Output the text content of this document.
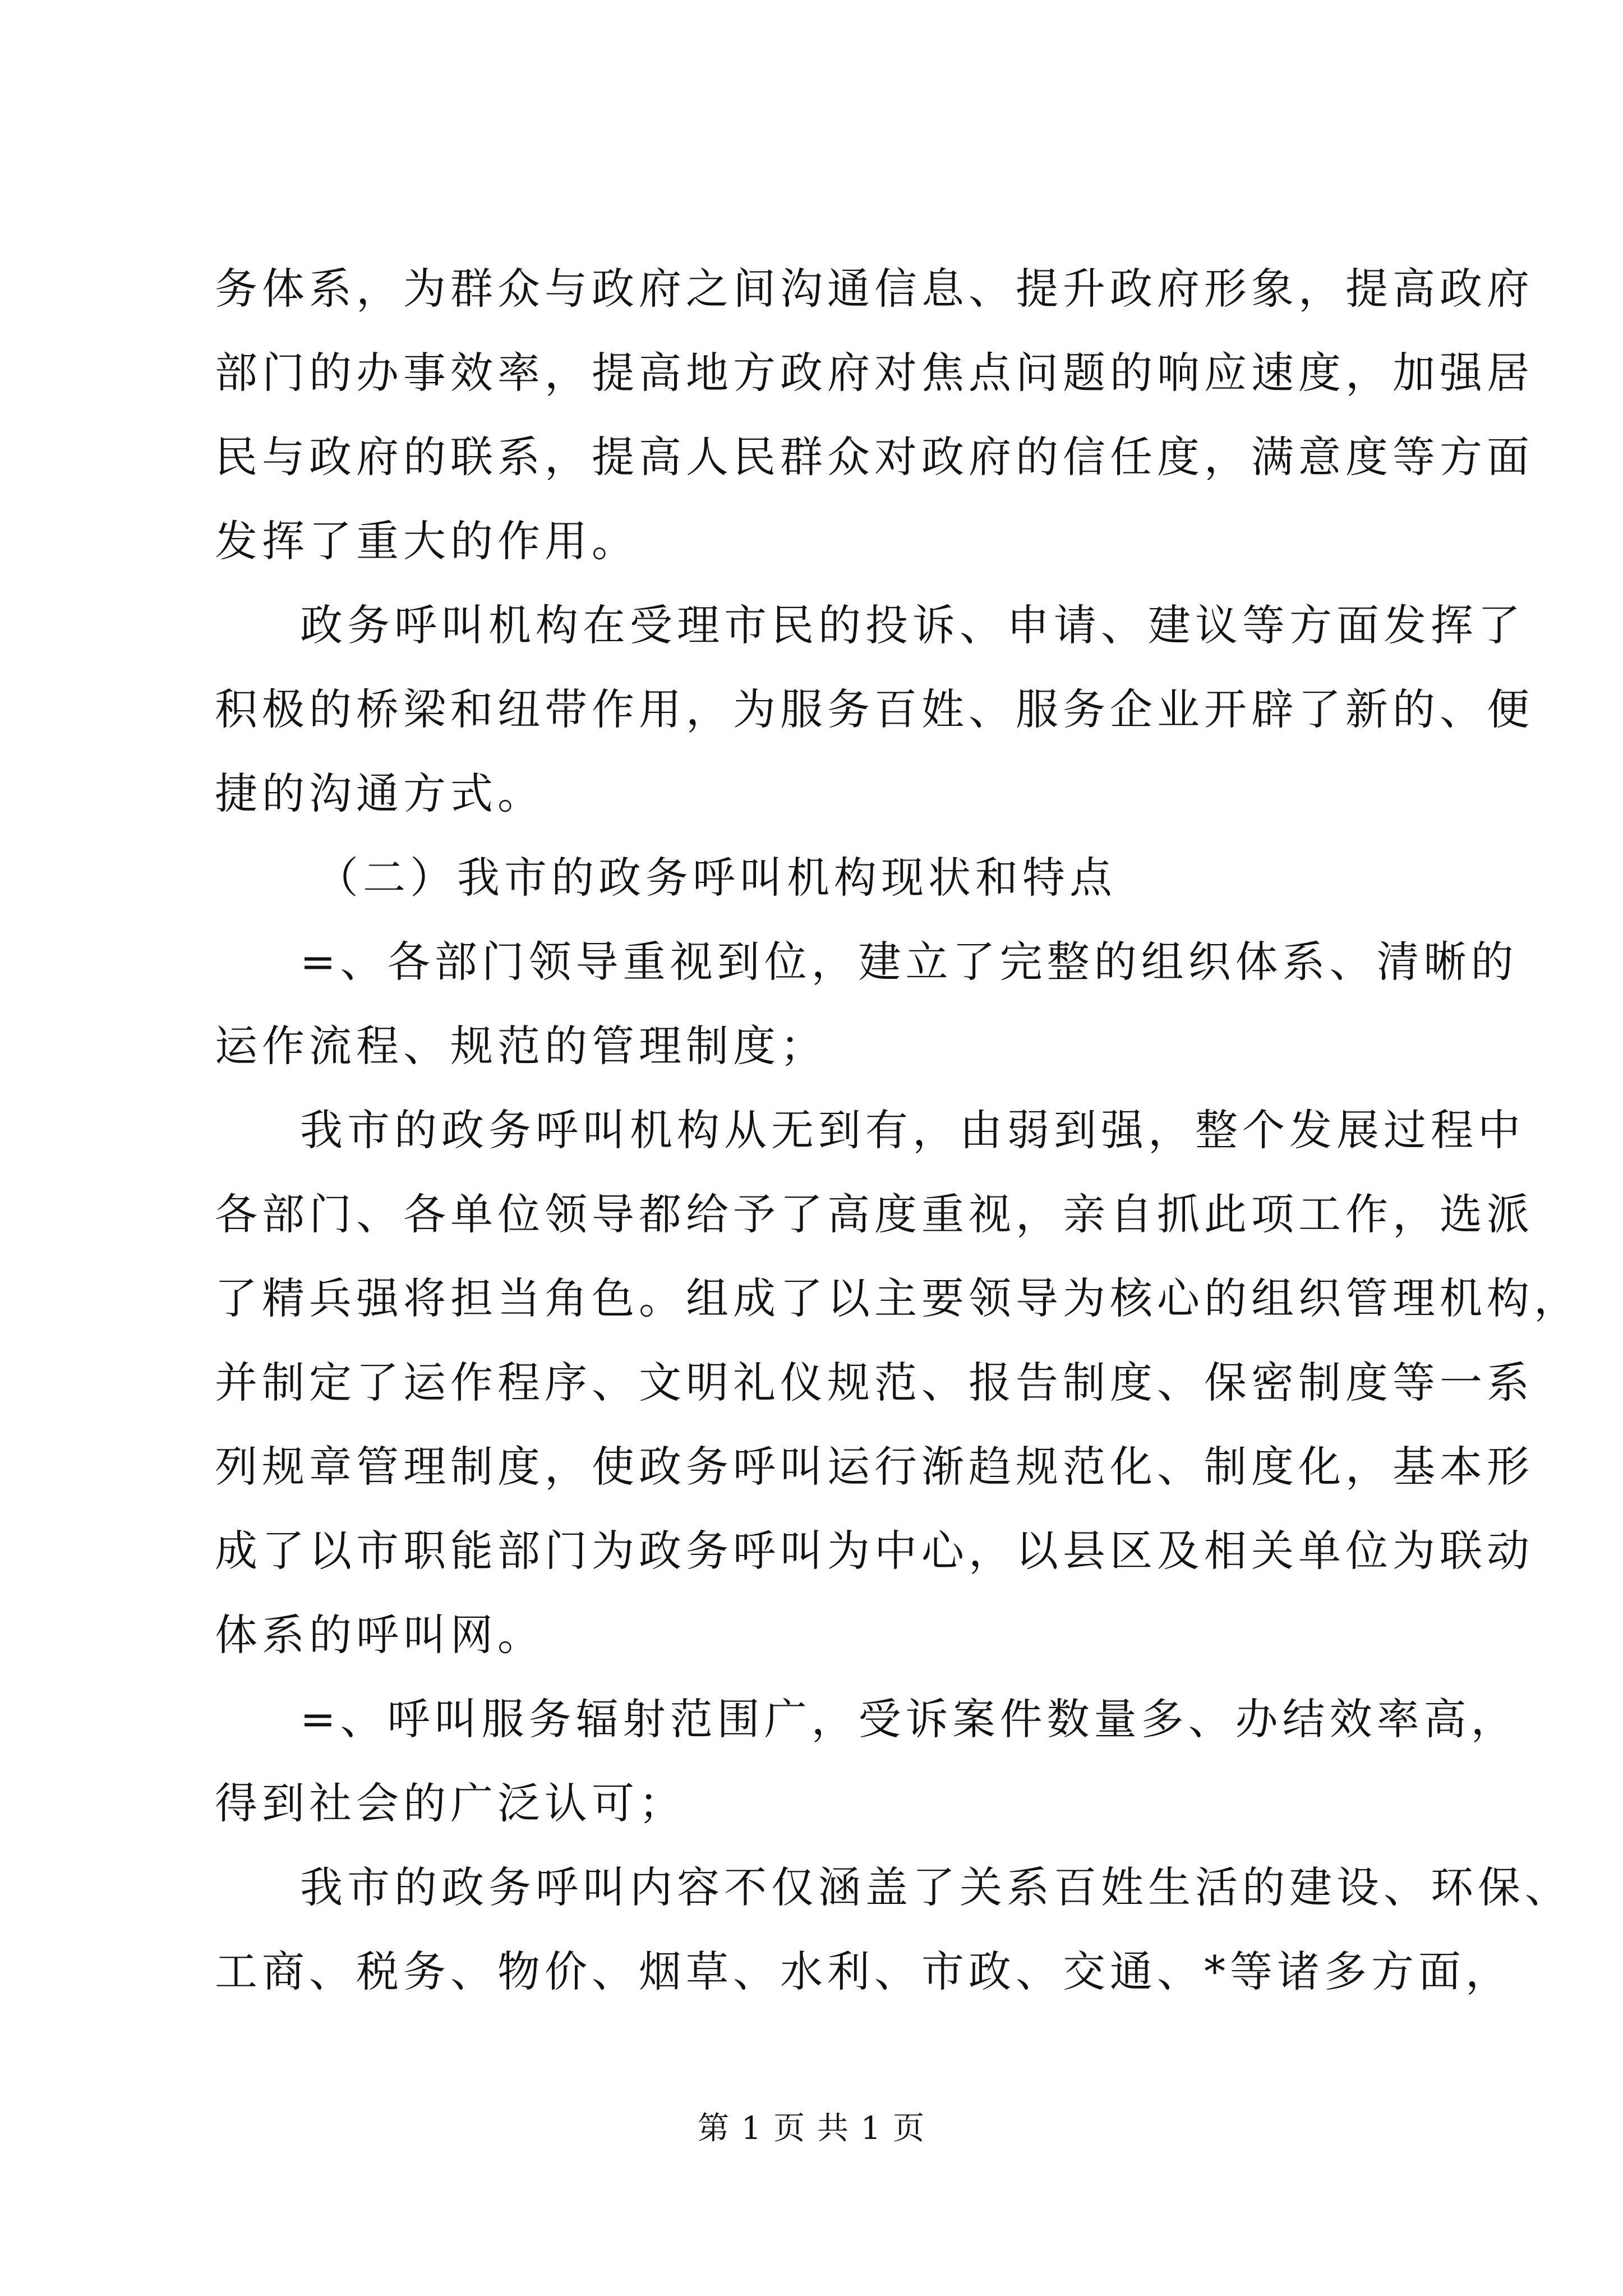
务体系，为群众与政府之间沟通信息、提升政府形象，提高政府
部门的办事效率，提高地方政府对焦点问题的响应速度，加强居
民与政府的联系，提高人民群众对政府的信任度，满意度等方面
发挥了重大的作用。
政务呼叫机构在受理市民的投诉、申请、建议等方面发挥了
积极的桥梁和纽带作用，为服务百姓、服务企业开辟了新的、便
捷的沟通方式。
（二）我市的政务呼叫机构现状和特点
=、各部门领导重视到位，建立了完整的组织体系、清晰的
运作流程、规范的管理制度；
我市的政务呼叫机构从无到有，由弱到强，整个发展过程中
各部门、各单位领导都给予了高度重视，亲自抓此项工作，选派
了精兵强将担当角色。组成了以主要领导为核心的组织管理机构，
并制定了运作程序、文明礼仪规范、报告制度、保密制度等一系
列规章管理制度，使政务呼叫运行渐趋规范化、制度化，基本形
成了以市职能部门为政务呼叫为中心，以县区及相关单位为联动
体系的呼叫网。
=、呼叫服务辐射范围广，受诉案件数量多、办结效率高，
得到社会的广泛认可；
我市的政务呼叫内容不仅涵盖了关系百姓生活的建设、环保、
工商、税务、物价、烟草、水利、市政、交通、*等诸多方面，
第 1 页 共 1 页
